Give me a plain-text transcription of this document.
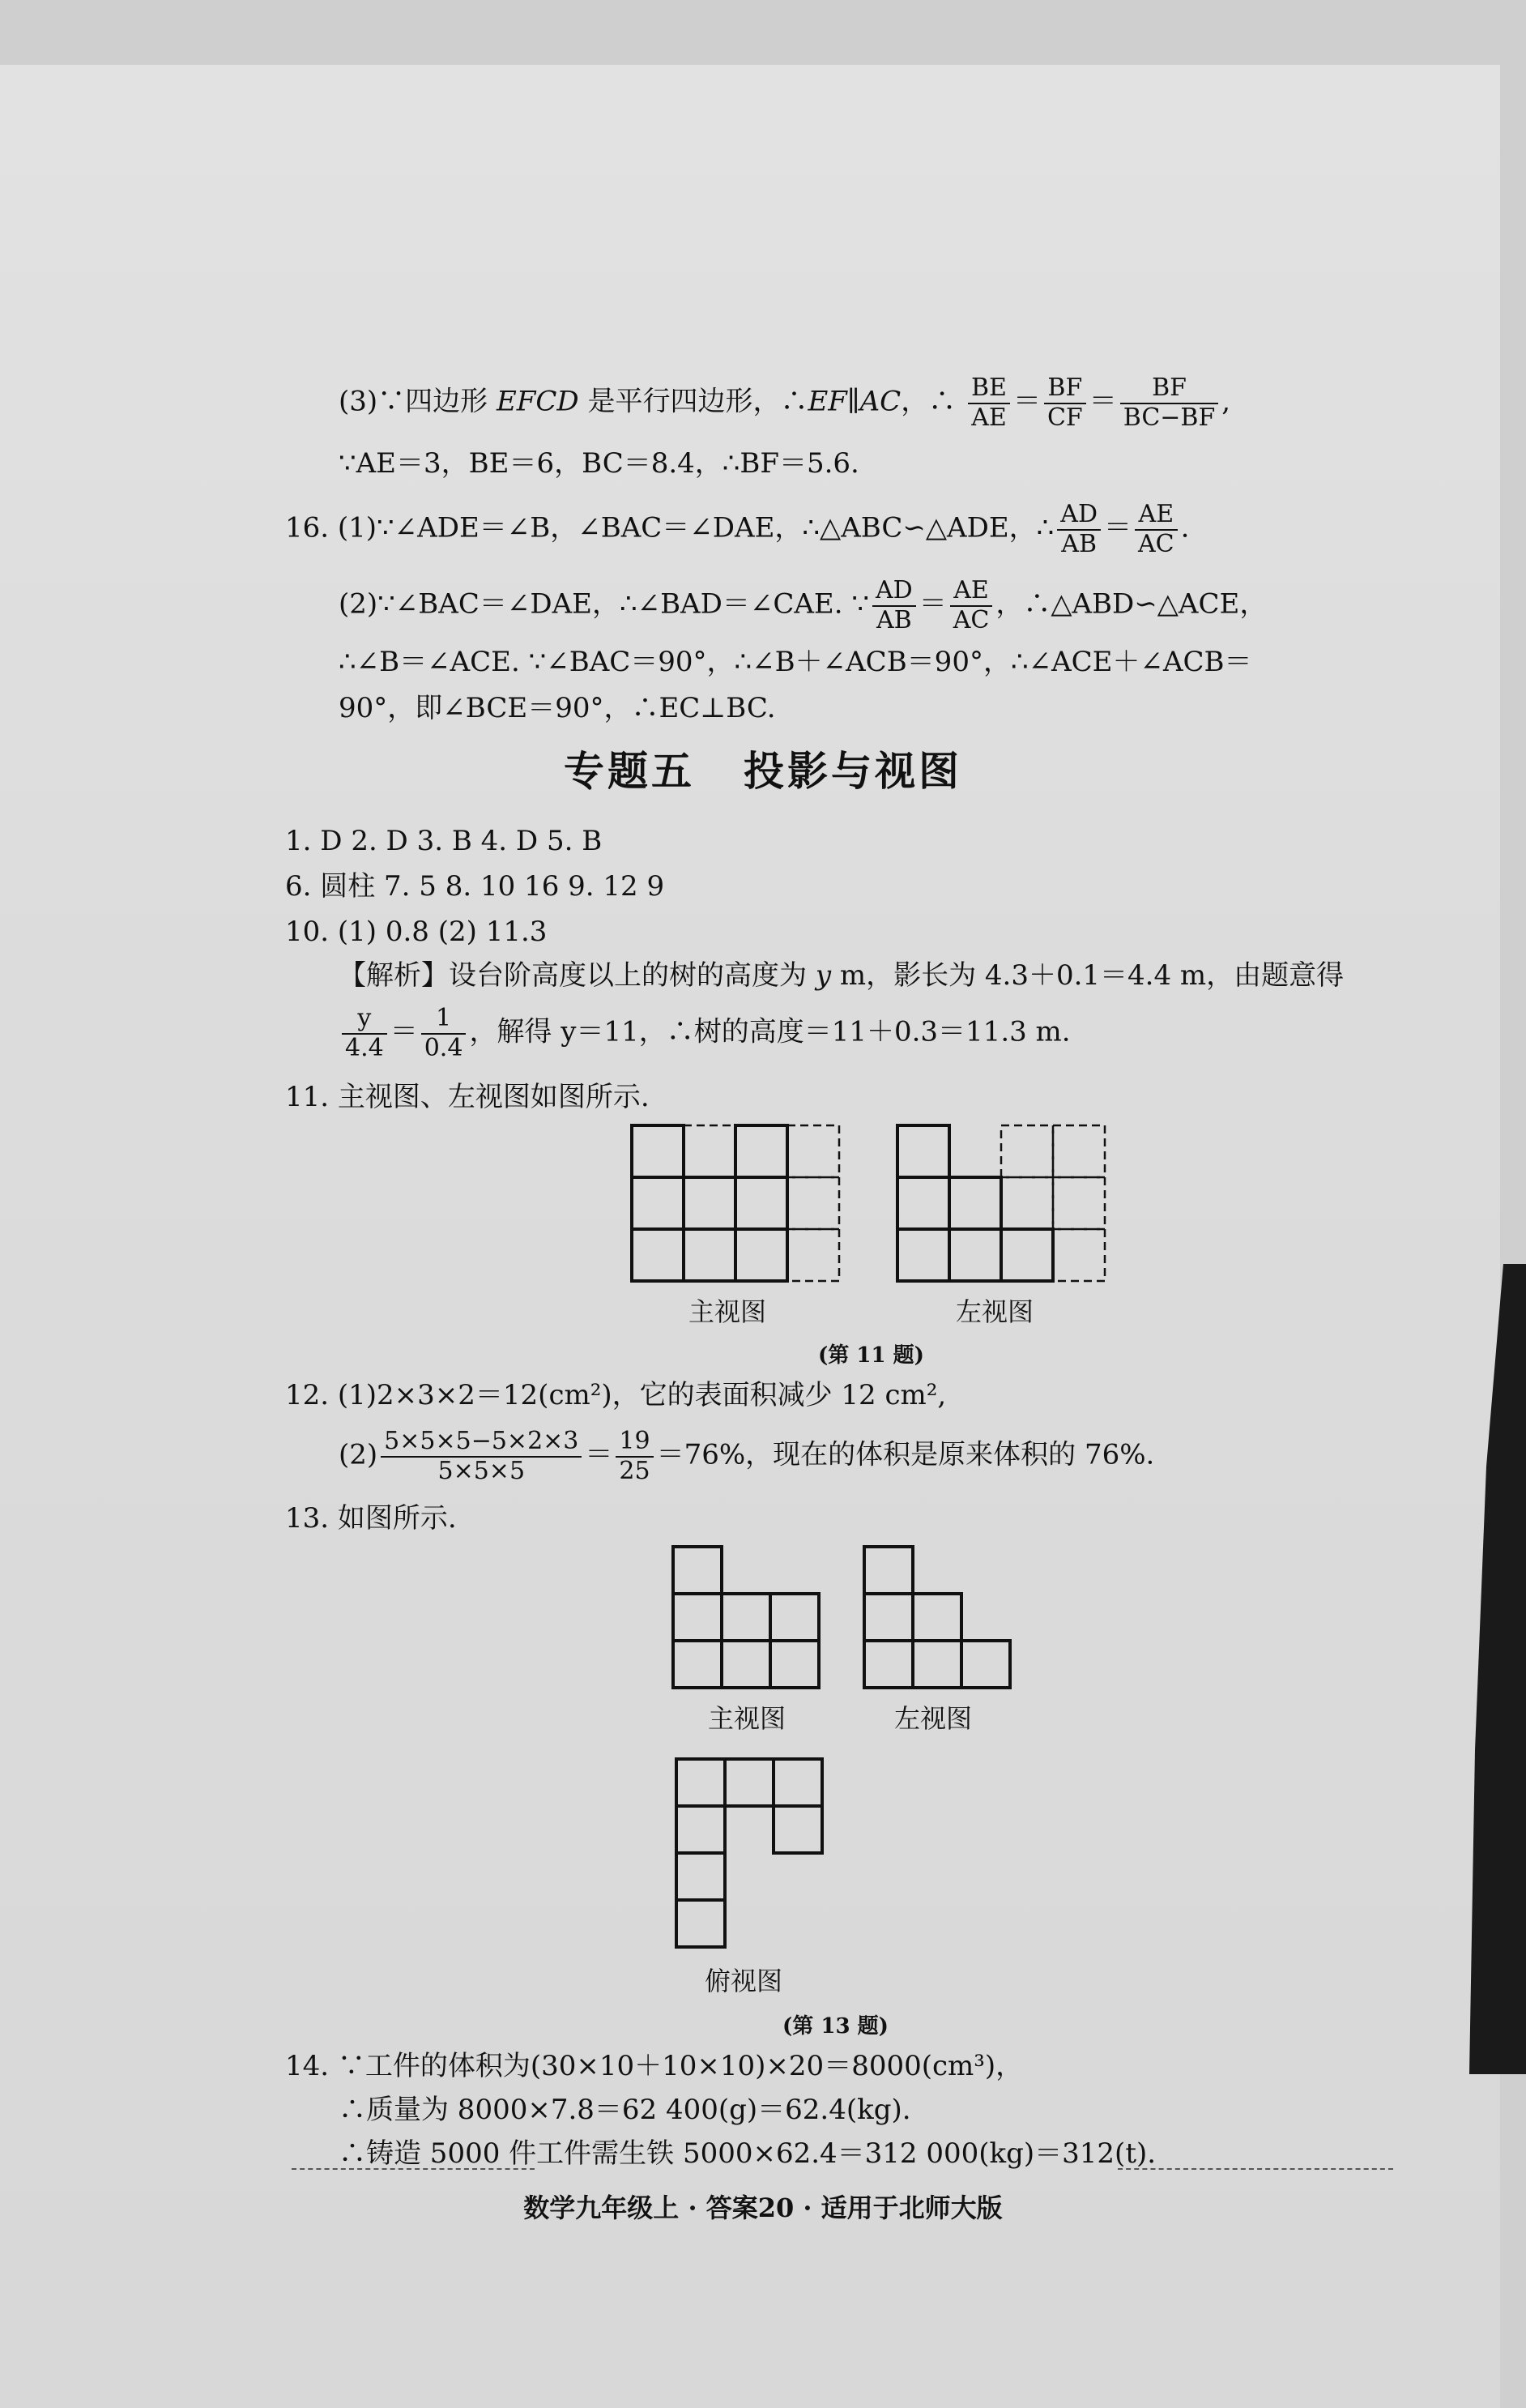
(3)∵四边形 EFCD 是平行四边形，∴EF∥AC，∴ $\frac{BE}{AE} = \frac{BF}{CF} = \frac{BF}{BC-BF}$ ,
∵AE＝3，BE＝6，BC＝8.4，∴BF＝5.6.
16. (1)∵∠ADE＝∠B，∠BAC＝∠DAE，∴△ABC∽△ADE，∴ $\frac{AD}{AB} = \frac{AE}{AC}$ .
(2)∵∠BAC＝∠DAE，∴∠BAD＝∠CAE. ∵ $\frac{AD}{AB} = \frac{AE}{AC}$ ，∴△ABD∽△ACE，
∴∠B＝∠ACE. ∵∠BAC＝90°，∴∠B＋∠ACB＝90°，∴∠ACE＋∠ACB＝
90°，即∠BCE＝90°，∴EC⊥BC.
专题五 投影与视图
1. D 2. D 3. B 4. D 5. B
6. 圆柱 7. 5 8. 10 16 9. 12 9
10. (1) 0.8 (2) 11.3
【解析】设台阶高度以上的树的高度为 y m，影长为 4.3＋0.1＝4.4 m，由题意得
$\frac{y}{4.4} = \frac{1}{0.4}$ ，解得 y＝11，∴树的高度＝11＋0.3＝11.3 m.
11. 主视图、左视图如图所示.
主视图	左视图
(第 11 题)
12. (1)2×3×2＝12(cm²)，它的表面积减少 12 cm²,
$(2) \frac{5\times 5\times 5-5\times 2\times 3}{5\times 5\times 5} = \frac{19}{25} =76\%$，现在的体积是原来体积的 76%.
13. 如图所示.
主视图	左视图
俯视图
(第 13 题)
14. ∵工件的体积为(30×10＋10×10)×20＝8000(cm³)，
∴质量为 8000×7.8＝62 400(g)＝62.4(kg).
∴铸造 5000 件工件需生铁 5000×62.4＝312 000(kg)＝312(t).
数学九年级上 · 答案20 · 适用于北师大版
